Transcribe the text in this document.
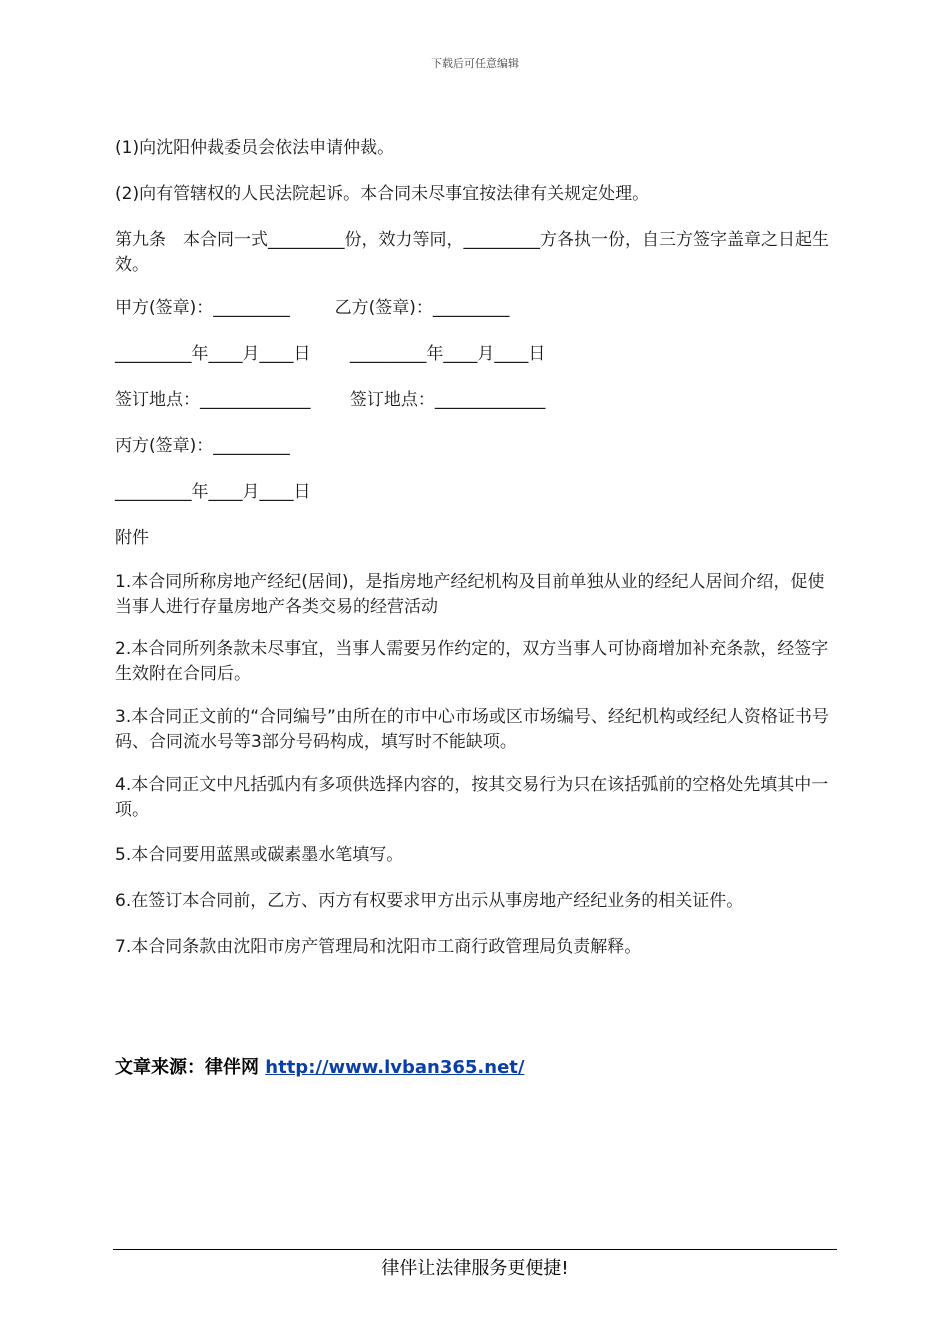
下载后可任意编辑
(1)向沈阳仲裁委员会依法申请仲裁。
(2)向有管辖权的人民法院起诉。本合同未尽事宜按法律有关规定处理。
第九条　本合同一式_________份，效力等同，_________方各执一份，自三方签字盖章之日起生效。
甲方(签章)：_________　　  乙方(签章)：_________
_________年____月____日　　 _________年____月____日
签订地点：_____________　　 签订地点：_____________
丙方(签章)：_________
_________年____月____日
附件
1.本合同所称房地产经纪(居间)，是指房地产经纪机构及目前单独从业的经纪人居间介绍，促使当事人进行存量房地产各类交易的经营活动
2.本合同所列条款未尽事宜，当事人需要另作约定的，双方当事人可协商增加补充条款，经签字生效附在合同后。
3.本合同正文前的“合同编号”由所在的市中心市场或区市场编号、经纪机构或经纪人资格证书号码、合同流水号等3部分号码构成，填写时不能缺项。
4.本合同正文中凡括弧内有多项供选择内容的，按其交易行为只在该括弧前的空格处先填其中一项。
5.本合同要用蓝黑或碳素墨水笔填写。
6.在签订本合同前，乙方、丙方有权要求甲方出示从事房地产经纪业务的相关证件。
7.本合同条款由沈阳市房产管理局和沈阳市工商行政管理局负责解释。
文章来源：律伴网 http://www.lvban365.net/
律伴让法律服务更便捷!
